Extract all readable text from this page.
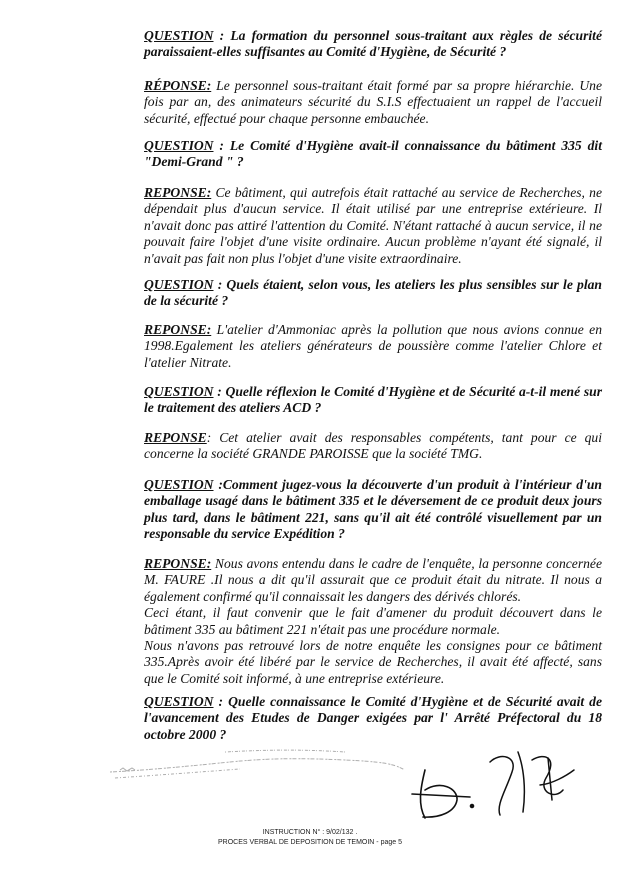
QUESTION : La formation du personnel sous-traitant aux règles de sécurité paraissaient-elles suffisantes au Comité d'Hygiène, de Sécurité ?

RÉPONSE: Le personnel sous-traitant était formé par sa propre hiérarchie. Une fois par an, des animateurs sécurité du S.I.S effectuaient un rappel de l'accueil sécurité, effectué pour chaque personne embauchée.

QUESTION : Le Comité d'Hygiène avait-il connaissance du bâtiment 335 dit "Demi-Grand " ?

REPONSE: Ce bâtiment, qui autrefois était rattaché au service de Recherches, ne dépendait plus d'aucun service. Il était utilisé par une entreprise extérieure. Il n'avait donc pas attiré l'attention du Comité. N'étant rattaché à aucun service, il ne pouvait faire l'objet d'une visite ordinaire. Aucun problème n'ayant été signalé, il n'avait pas fait non plus l'objet d'une visite extraordinaire.

QUESTION : Quels étaient, selon vous, les ateliers les plus sensibles sur le plan de la sécurité ?

REPONSE: L'atelier d'Ammoniac après la pollution que nous avions connue en 1998.Egalement les ateliers générateurs de poussière comme l'atelier Chlore et l'atelier Nitrate.

QUESTION : Quelle réflexion le Comité d'Hygiène et de Sécurité a-t-il mené sur le traitement des ateliers ACD ?

REPONSE: Cet atelier avait des responsables compétents, tant pour ce qui concerne la société GRANDE PAROISSE que la société TMG.

QUESTION :Comment jugez-vous la découverte d'un produit à l'intérieur d'un emballage usagé dans le bâtiment 335 et le déversement de ce produit deux jours plus tard, dans le bâtiment 221, sans qu'il ait été contrôlé visuellement par un responsable du service Expédition ?

REPONSE: Nous avons entendu dans le cadre de l'enquête, la personne concernée M. FAURE .Il nous a dit qu'il assurait que ce produit était du nitrate. Il nous a également confirmé qu'il connaissait les dangers des dérivés chlorés.
Ceci étant, il faut convenir que le fait d'amener du produit découvert dans le bâtiment 335 au bâtiment 221 n'était pas une procédure normale.
Nous n'avons pas retrouvé lors de notre enquête les consignes pour ce bâtiment 335.Après avoir été libéré par le service de Recherches, il avait été affecté, sans que le Comité soit informé, à une entreprise extérieure.

QUESTION : Quelle connaissance le Comité d'Hygiène et de Sécurité avait de l'avancement des Etudes de Danger exigées par l' Arrêté Préfectoral du 18 octobre 2000 ?

INSTRUCTION N° : 9/02/132 .
PROCES VERBAL DE DEPOSITION DE TEMOIN - page 5
